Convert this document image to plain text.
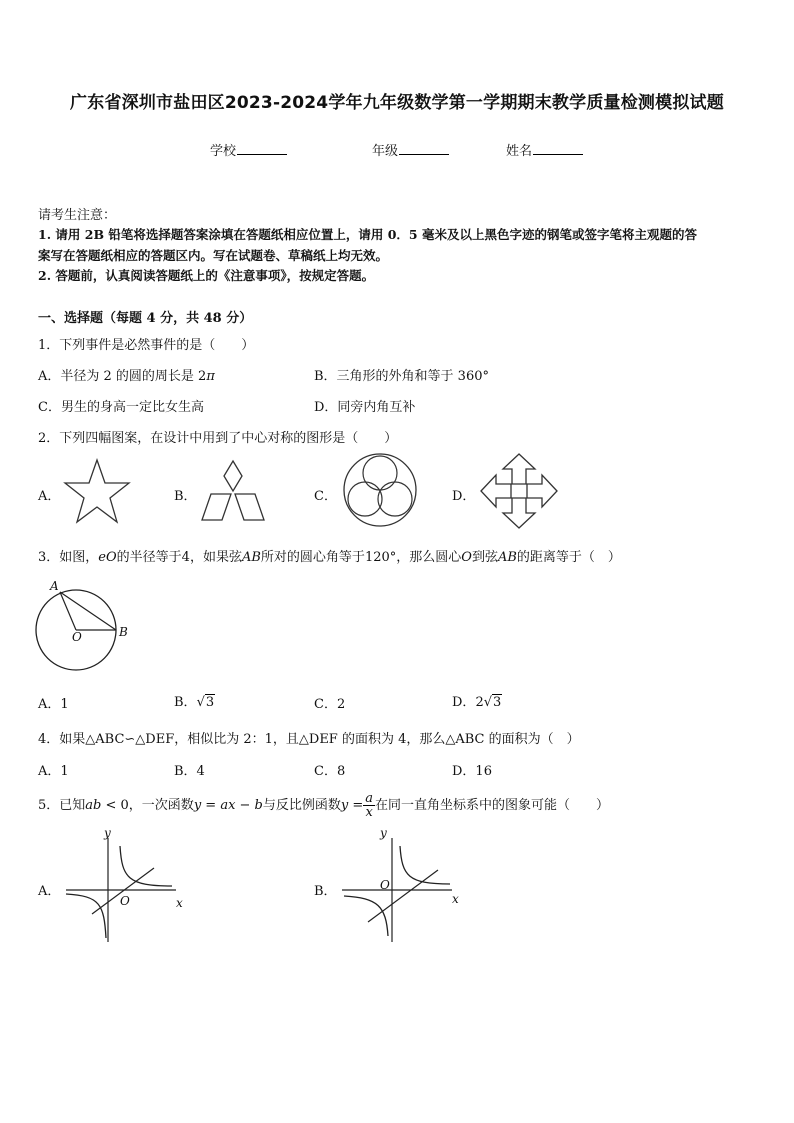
广东省深圳市盐田区2023-2024学年九年级数学第一学期期末教学质量检测模拟试题
学校	年级	姓名
请考生注意：
1. 请用 2B 铅笔将选择题答案涂填在答题纸相应位置上，请用 0．5 毫米及以上黑色字迹的钢笔或签字笔将主观题的答
案写在答题纸相应的答题区内。写在试题卷、草稿纸上均无效。
2. 答题前，认真阅读答题纸上的《注意事项》，按规定答题。
一、选择题（每题 4 分，共 48 分）
1．下列事件是必然事件的是（　　）
A．半径为 2 的圆的周长是 2π	B．三角形的外角和等于 360°
C．男生的身高一定比女生高	D．同旁内角互补
2．下列四幅图案，在设计中用到了中心对称的图形是（　　）
A．	B．	C．	D．
3．如图，eO的半径等于4，如果弦AB所对的圆心角等于120°，那么圆心O到弦AB的距离等于（　）
A
O	B
A．1	B．√3	C．2	D．2√3
4．如果△ABC∽△DEF，相似比为 2：1，且△DEF 的面积为 4，那么△ABC 的面积为（　）
A．1	B．4	C．8	D．16
5．已知ab < 0，一次函数y = ax − b与反比例函数$y = \frac{a}{x}$ 在同一直角坐标系中的图象可能（　　）
A．
y
x
O
B．
y
x
O
